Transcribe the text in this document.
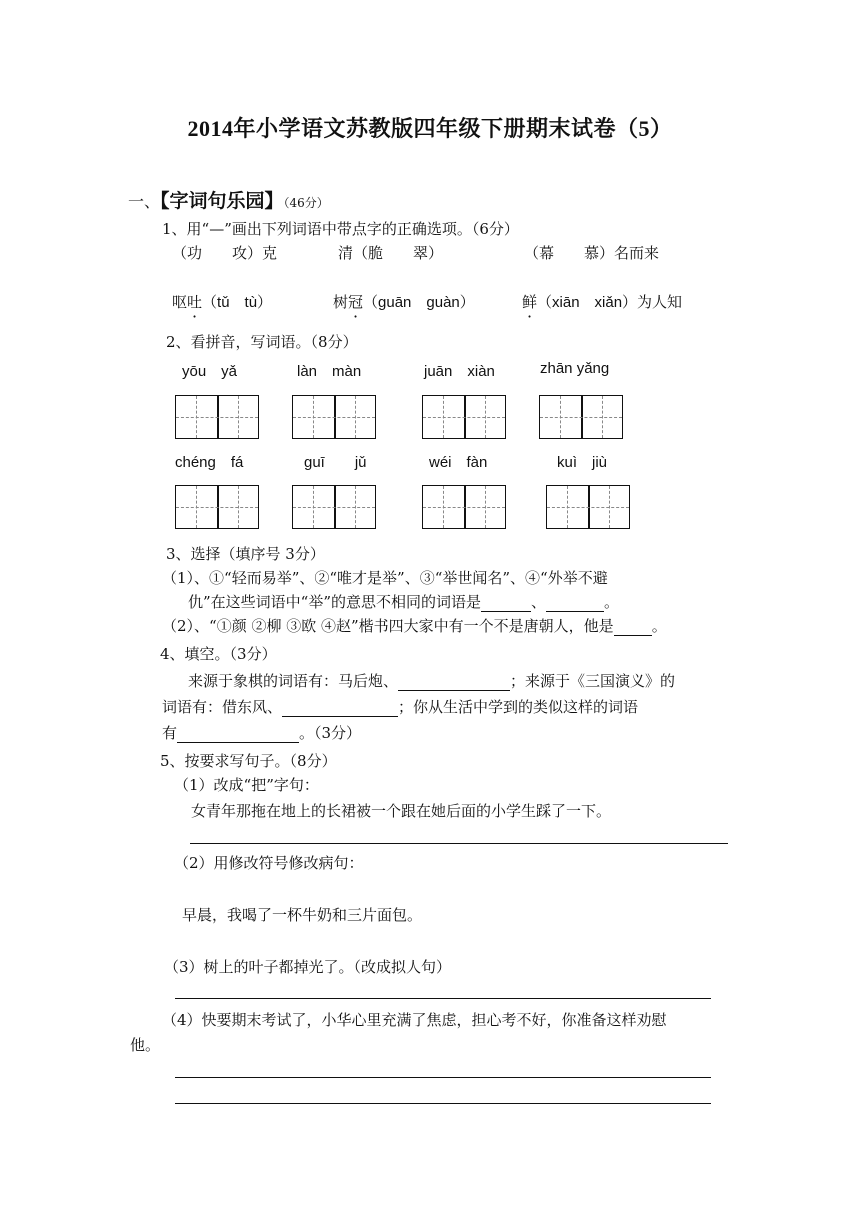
2014年小学语文苏教版四年级下册期末试卷（5）
一、【字词句乐园】（46分）
1、用“—”画出下列词语中带点字的正确选项。（6分）
（功　　攻）克	清（脆　　翠）	（幕　　慕）名而来
呕吐（tǔ　tù）	树冠（guān　guàn）	鲜（xiān　xiǎn）为人知
2、看拼音，写词语。（8分）
yōu　yǎ	làn　màn	juān　xiàn	zhān yǎng
chéng　fá	guī　　jǔ	wéi　fàn	kuì　jiù
3、选择（填序号 3分）
（1）、①“轻而易举”、②“唯才是举”、③“举世闻名”、④“外举不避
仇”在这些词语中“举”的意思不相同的词语是	、	。
（2）、“①颜 ②柳 ③欧 ④赵”楷书四大家中有一个不是唐朝人，他是	。
4、填空。（3分）
来源于象棋的词语有：马后炮、	；来源于《三国演义》的
词语有：借东风、	；你从生活中学到的类似这样的词语
有	。（3分）
5、按要求写句子。（8分）
（1）改成“把”字句：
女青年那拖在地上的长裙被一个跟在她后面的小学生踩了一下。
（2）用修改符号修改病句：
早晨，我喝了一杯牛奶和三片面包。
（3）树上的叶子都掉光了。（改成拟人句）
（4）快要期末考试了，小华心里充满了焦虑，担心考不好，你准备这样劝慰
他。
